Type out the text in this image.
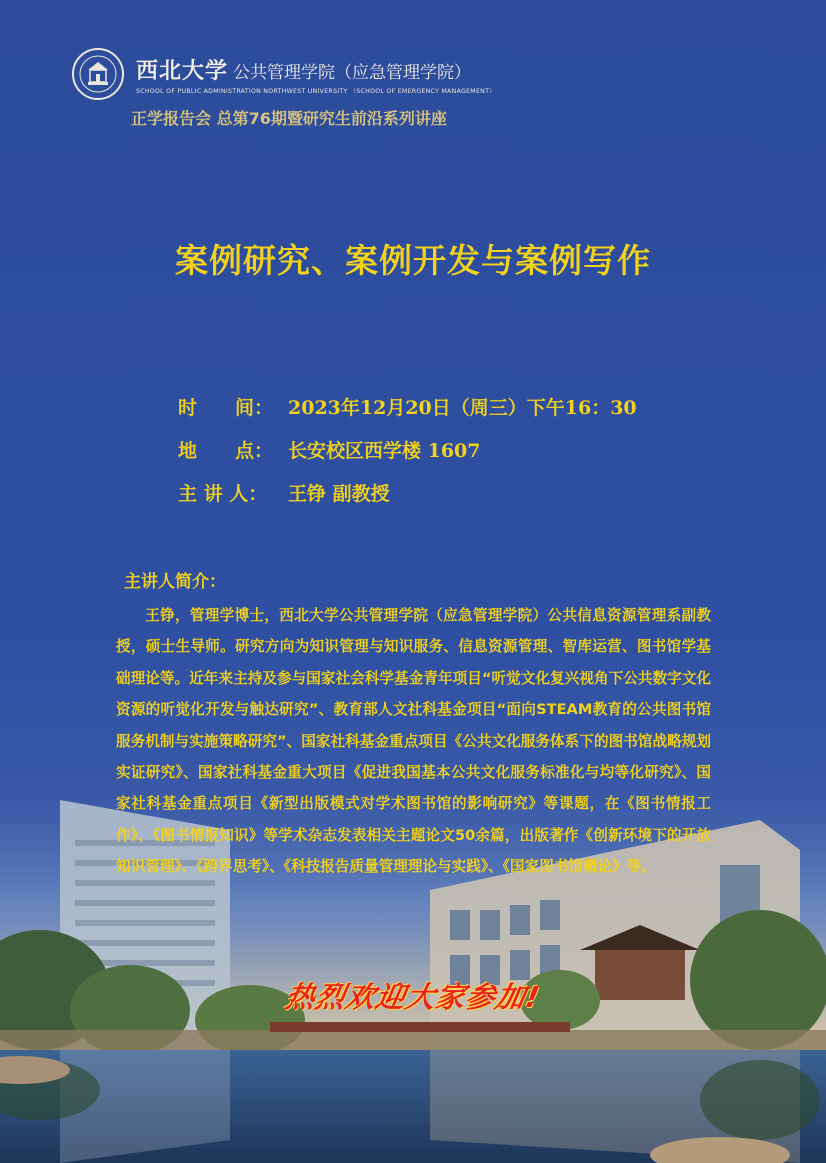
西北大学 公共管理学院（应急管理学院）
SCHOOL OF PUBLIC ADMINISTRATION NORTHWEST UNIVERSITY （SCHOOL OF EMERGENCY MANAGEMENT）
正学报告会 总第76期暨研究生前沿系列讲座
案例研究、案例开发与案例写作
时　　间： 2023年12月20日（周三）下午16：30
地　　点： 长安校区西学楼 1607
主 讲 人： 王铮 副教授
主讲人简介：
王铮，管理学博士，西北大学公共管理学院（应急管理学院）公共信息资源管理系副教授，硕士生导师。研究方向为知识管理与知识服务、信息资源管理、智库运营、图书馆学基础理论等。近年来主持及参与国家社会科学基金青年项目“听觉文化复兴视角下公共数字文化资源的听觉化开发与触达研究”、教育部人文社科基金项目“面向STEAM教育的公共图书馆服务机制与实施策略研究”、国家社科基金重点项目《公共文化服务体系下的图书馆战略规划实证研究》、国家社科基金重大项目《促进我国基本公共文化服务标准化与均等化研究》、国家社科基金重点项目《新型出版模式对学术图书馆的影响研究》等课题，在《图书情报工作》、《图书情报知识》等学术杂志发表相关主题论文50余篇，出版著作《创新环境下的开放知识管理》、《跨界思考》、《科技报告质量管理理论与实践》、《国家图书馆概论》等。
热烈欢迎大家参加!
